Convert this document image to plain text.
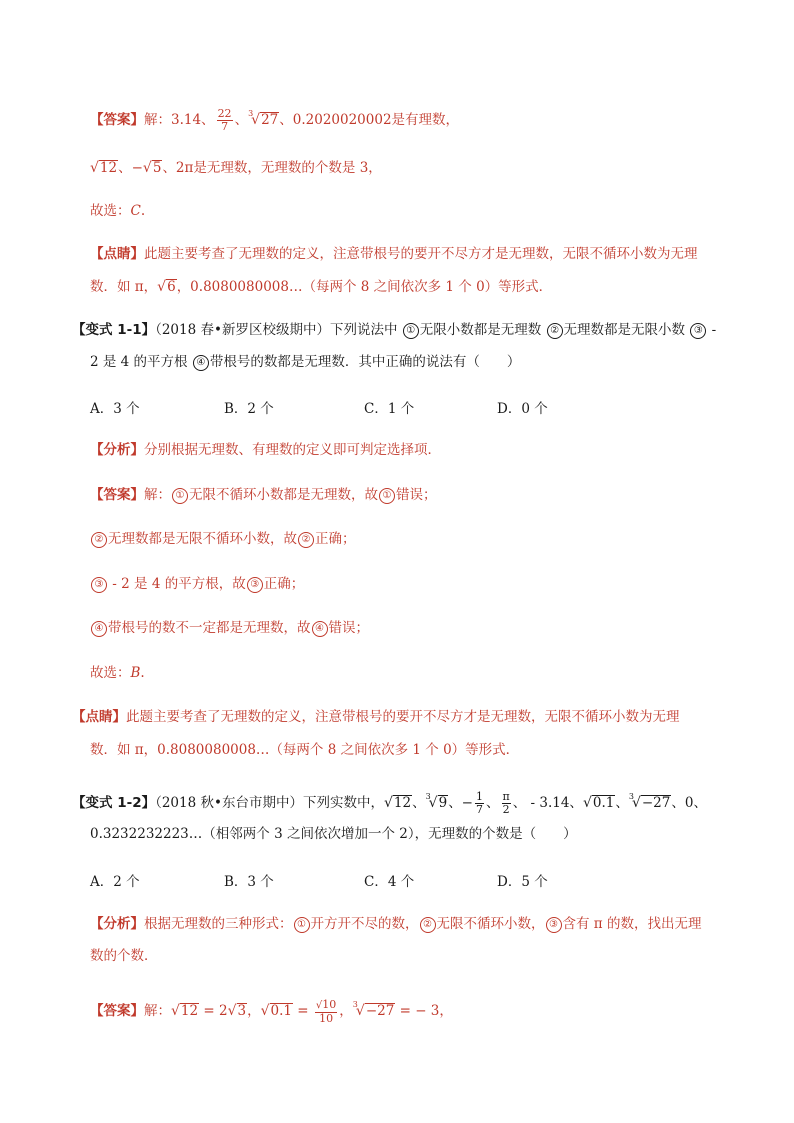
【答案】解：3.14、 $\frac{22}{7}$ 、$^3$√27、0.2020020002是有理数，
√12、−√5、2π是无理数，无理数的个数是 3，
故选：C.
【点睛】此题主要考查了无理数的定义，注意带根号的要开不尽方才是无理数，无限不循环小数为无理
数．如 π，√6，0.8080080008…（每两个 8 之间依次多 1 个 0）等形式．
【变式 1-1】（2018 春•新罗区校级期中）下列说法中 ① 无限小数都是无理数 ② 无理数都是无限小数 ③ -
2 是 4 的平方根 ④ 带根号的数都是无理数．其中正确的说法有（　　）
A．3 个	B．2 个	C．1 个	D．0 个
【分析】分别根据无理数、有理数的定义即可判定选择项．
【答案】解： ① 无限不循环小数都是无理数，故 ① 错误；
② 无理数都是无限不循环小数，故 ② 正确；
③ - 2 是 4 的平方根，故 ③ 正确；
④ 带根号的数不一定都是无理数，故 ④ 错误；
故选：B.
【点睛】此题主要考查了无理数的定义，注意带根号的要开不尽方才是无理数，无限不循环小数为无理
数．如 π，0.8080080008…（每两个 8 之间依次多 1 个 0）等形式．
【变式 1-2】（2018 秋•东台市期中）下列实数中，√12、$^3$√9、− $\frac{1}{7}$ 、 $\frac{\pi}{2}$ 、 - 3.14、√0.1、$^3$√−27、0、
0.3232232223…（相邻两个 3 之间依次增加一个 2），无理数的个数是（　　）
A．2 个	B．3 个	C．4 个	D．5 个
【分析】根据无理数的三种形式： ① 开方开不尽的数， ② 无限不循环小数， ③ 含有 π 的数，找出无理
数的个数．
【答案】解：√12 = 2√3，$√0.1 = \frac{√10}{10}$ ，$^3$√−27 = − 3，
